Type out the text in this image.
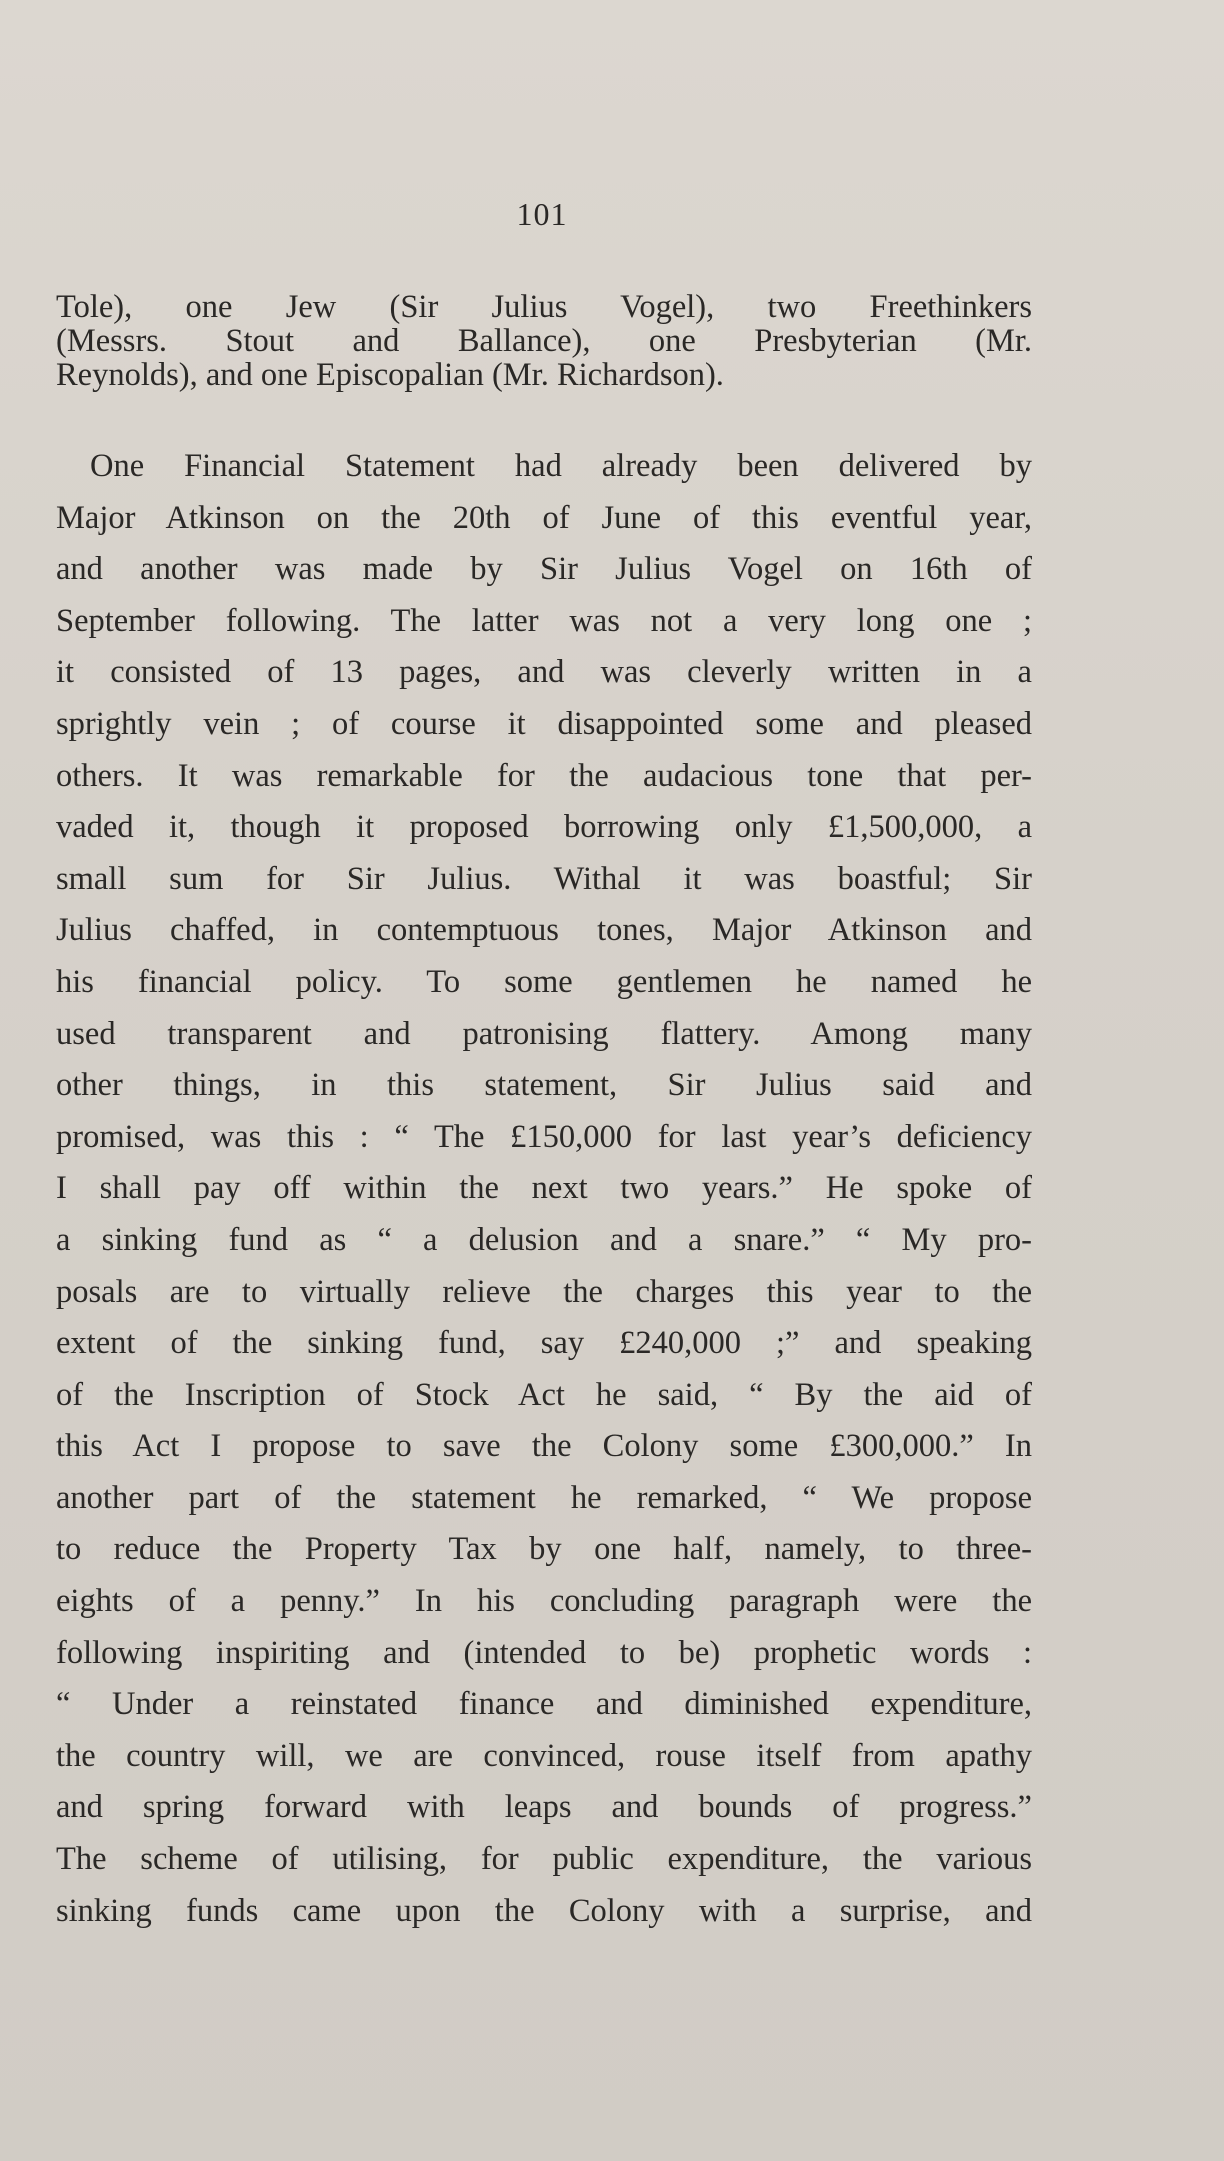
101
Tole), one Jew (Sir Julius Vogel), two Freethinkers
(Messrs. Stout and Ballance), one Presbyterian (Mr.
Reynolds), and one Episcopalian (Mr. Richardson).
One Financial Statement had already been delivered by
Major Atkinson on the 20th of June of this eventful year,
and another was made by Sir Julius Vogel on 16th of
September following. The latter was not a very long one ;
it consisted of 13 pages, and was cleverly written in a
sprightly vein ; of course it disappointed some and pleased
others. It was remarkable for the audacious tone that per-
vaded it, though it proposed borrowing only £1,500,000, a
small sum for Sir Julius. Withal it was boastful; Sir
Julius chaffed, in contemptuous tones, Major Atkinson and
his financial policy. To some gentlemen he named he
used transparent and patronising flattery. Among many
other things, in this statement, Sir Julius said and
promised, was this : “ The £150,000 for last year’s deficiency
I shall pay off within the next two years.” He spoke of
a sinking fund as “ a delusion and a snare.” “ My pro-
posals are to virtually relieve the charges this year to the
extent of the sinking fund, say £240,000 ;” and speaking
of the Inscription of Stock Act he said, “ By the aid of
this Act I propose to save the Colony some £300,000.” In
another part of the statement he remarked, “ We propose
to reduce the Property Tax by one half, namely, to three-
eights of a penny.” In his concluding paragraph were the
following inspiriting and (intended to be) prophetic words :
“ Under a reinstated finance and diminished expenditure,
the country will, we are convinced, rouse itself from apathy
and spring forward with leaps and bounds of progress.”
The scheme of utilising, for public expenditure, the various
sinking funds came upon the Colony with a surprise, and
